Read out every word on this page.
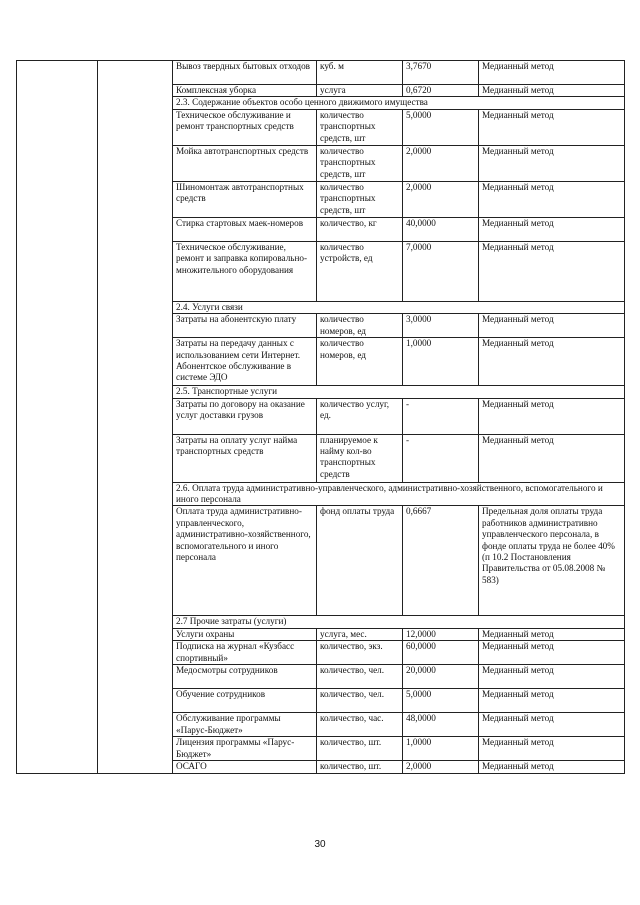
		Вывоз твердных бытовых отходов	куб. м	3,7670	Медианный метод
		Комплексная уборка	услуга	0,6720	Медианный метод
		2.3. Содержание объектов особо ценного движимого имущества			
		Техническое обслуживание и ремонт транспортных средств	количество транспортных средств, шт	5,0000	Медианный метод
		Мойка автотранспортных средств	количество транспортных средств, шт	2,0000	Медианный метод
		Шиномонтаж автотранспортных средств	количество транспортных средств, шт	2,0000	Медианный метод
		Стирка стартовых маек-номеров	количество, кг	40,0000	Медианный метод
		Техническое обслуживание, ремонт и заправка копировально-множительного оборудования	количество устройств, ед	7,0000	Медианный метод
		2.4. Услуги связи			
		Затраты на абонентскую плату	количество номеров, ед	3,0000	Медианный метод
		Затраты на передачу данных с использованием сети Интернет. Абонентское обслуживание в системе ЭДО	количество номеров, ед	1,0000	Медианный метод
		2.5. Транспортные услуги			
		Затраты по договору на оказание услуг доставки грузов	количество услуг, ед.	-	Медианный метод
		Затраты на оплату услуг найма транспортных средств	планируемое к найму кол-во транспортных средств	-	Медианный метод
		2.6. Оплата труда административно-управленческого, административно-хозяйственного, вспомогательного и иного персонала			
		Оплата труда административно-управленческого, административно-хозяйственного, вспомогательного и иного персонала	фонд оплаты труда	0,6667	Предельная доля оплаты труда работников административно управленческого персонала, в фонде оплаты труда не более 40% (п 10.2 Постановления Правительства от 05.08.2008 № 583)
		2.7 Прочие затраты (услуги)			
		Услуги охраны	услуга, мес.	12,0000	Медианный метод
		Подписка на журнал «Кузбасс спортивный»	количество, экз.	60,0000	Медианный метод
		Медосмотры сотрудников	количество, чел.	20,0000	Медианный метод
		Обучение сотрудников	количество, чел.	5,0000	Медианный метод
		Обслуживание программы «Парус-Бюджет»	количество, час.	48,0000	Медианный метод
		Лицензия программы «Парус-Бюджет»	количество, шт.	1,0000	Медианный метод
		ОСАГО	количество, шт.	2,0000	Медианный метод
30
